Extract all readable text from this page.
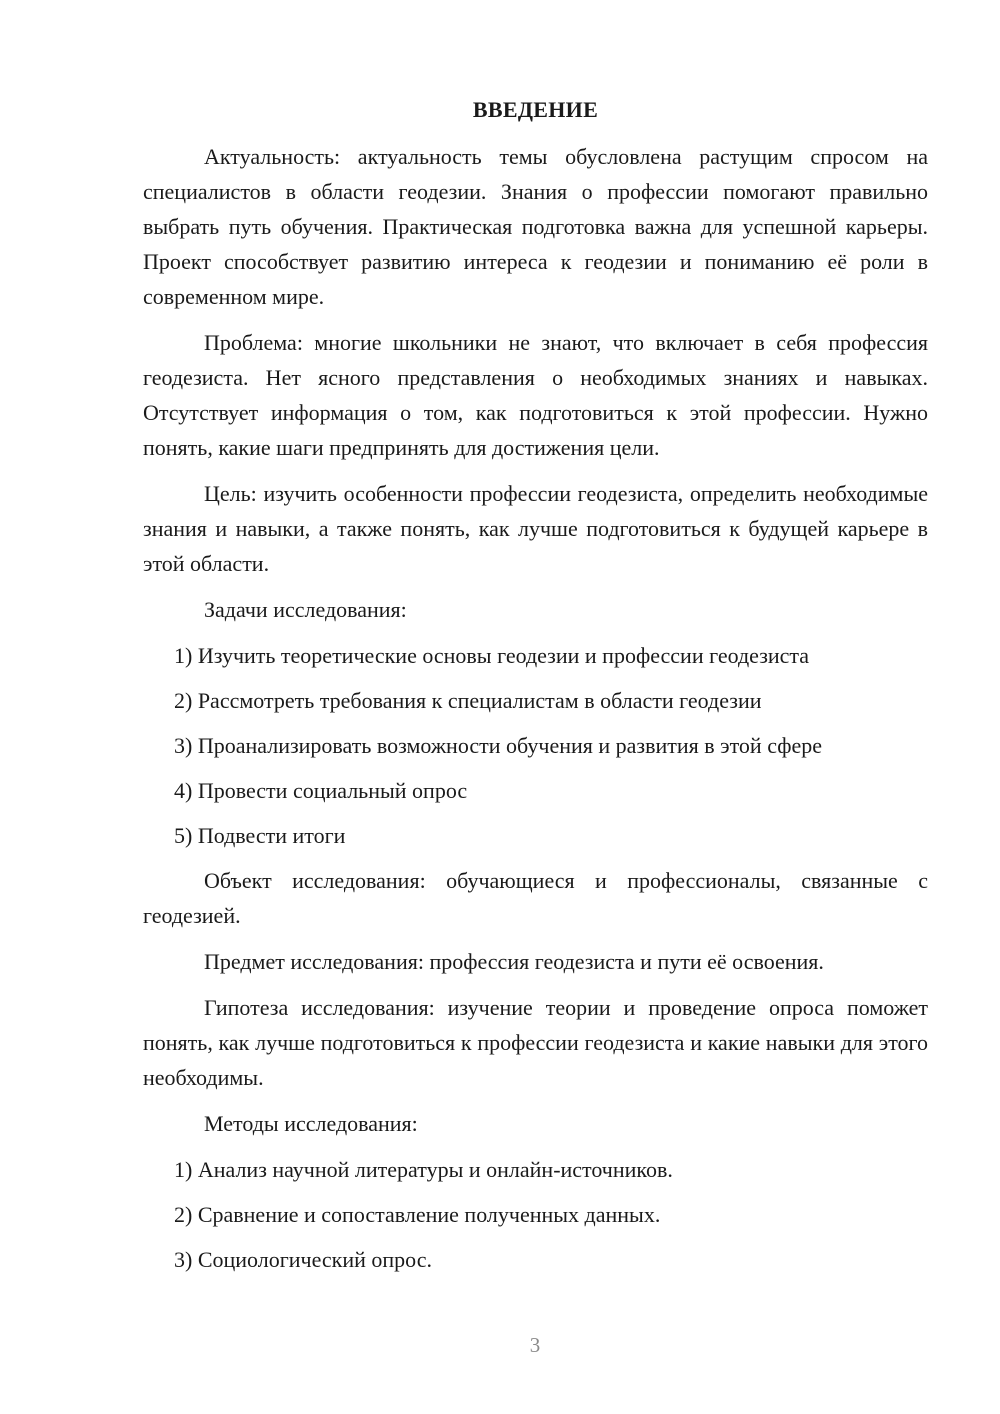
ВВЕДЕНИЕ

Актуальность: актуальность темы обусловлена растущим спросом на специалистов в области геодезии. Знания о профессии помогают правильно выбрать путь обучения. Практическая подготовка важна для успешной карьеры. Проект способствует развитию интереса к геодезии и пониманию её роли в современном мире.

Проблема: многие школьники не знают, что включает в себя профессия геодезиста. Нет ясного представления о необходимых знаниях и навыках. Отсутствует информация о том, как подготовиться к этой профессии. Нужно понять, какие шаги предпринять для достижения цели.

Цель: изучить особенности профессии геодезиста, определить необходимые знания и навыки, а также понять, как лучше подготовиться к будущей карьере в этой области.

Задачи исследования:

1) Изучить теоретические основы геодезии и профессии геодезиста
2) Рассмотреть требования к специалистам в области геодезии
3) Проанализировать возможности обучения и развития в этой сфере
4) Провести социальный опрос
5) Подвести итоги

Объект исследования: обучающиеся и профессионалы, связанные с геодезией.

Предмет исследования: профессия геодезиста и пути её освоения.

Гипотеза исследования: изучение теории и проведение опроса поможет понять, как лучше подготовиться к профессии геодезиста и какие навыки для этого необходимы.

Методы исследования:

1) Анализ научной литературы и онлайн-источников.
2) Сравнение и сопоставление полученных данных.
3) Социологический опрос.
3
